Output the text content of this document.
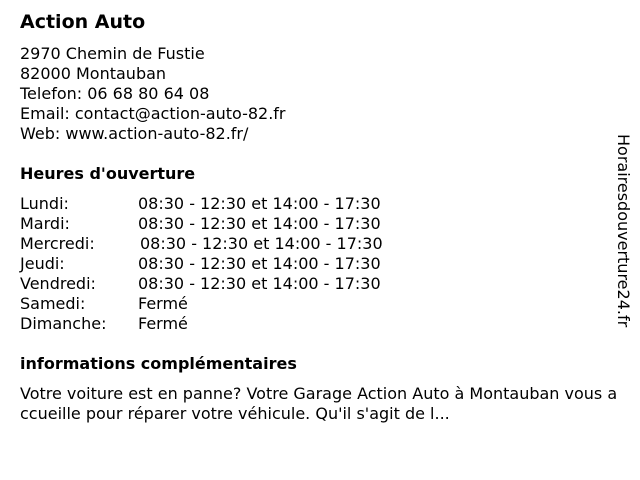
Action Auto
2970 Chemin de Fustie
82000 Montauban
Telefon: 06 68 80 64 08
Email: contact@action-auto-82.fr
Web: www.action-auto-82.fr/
Heures d'ouverture
Lundi:	08:30 - 12:30 et 14:00 - 17:30
Mardi:	08:30 - 12:30 et 14:00 - 17:30
Mercredi:	08:30 - 12:30 et 14:00 - 17:30
Jeudi:	08:30 - 12:30 et 14:00 - 17:30
Vendredi:	08:30 - 12:30 et 14:00 - 17:30
Samedi:	Fermé
Dimanche: Fermé
informations complémentaires
Votre voiture est en panne? Votre Garage Action Auto à Montauban vous accueille pour réparer votre véhicule. Qu'il s'agit de l...
Horairesdouverture24.fr
